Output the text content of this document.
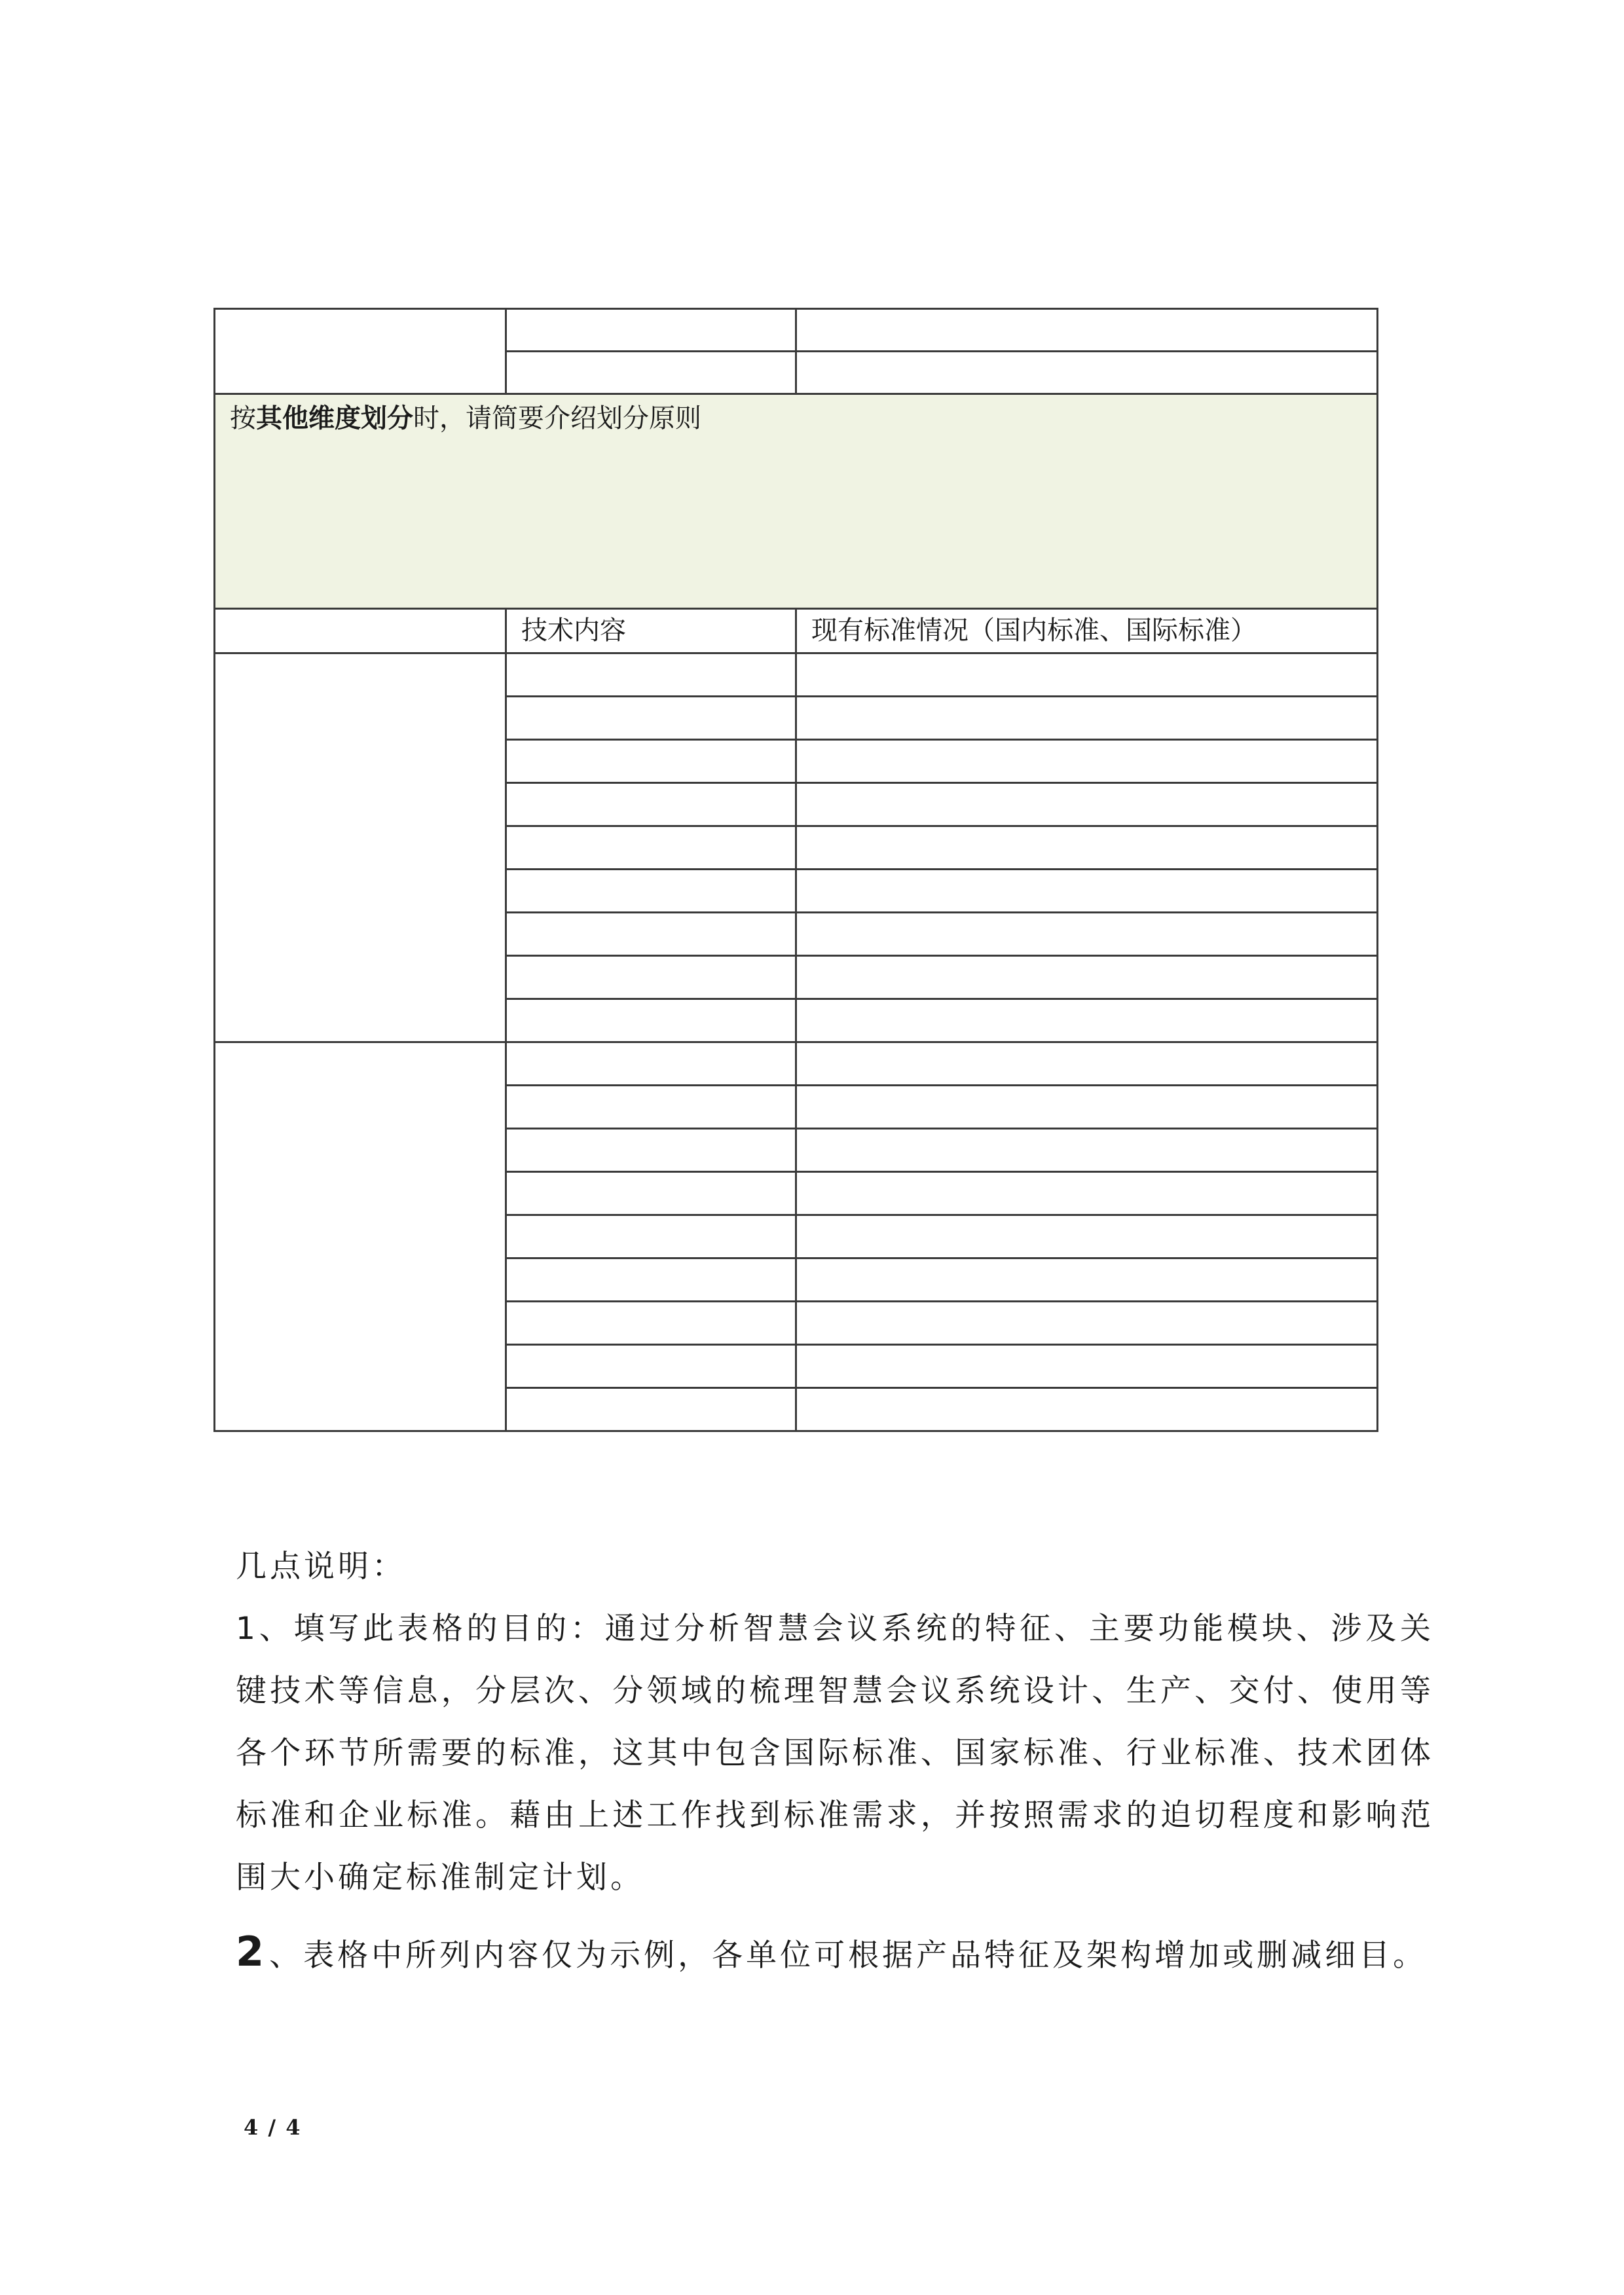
按其他维度划分时，请简要介绍划分原则		

	技术内容	现有标准情况（国内标准、国际标准）

几点说明：

1、填写此表格的目的：通过分析智慧会议系统的特征、主要功能模块、涉及关键技术等信息，分层次、分领域的梳理智慧会议系统设计、生产、交付、使用等各个环节所需要的标准，这其中包含国际标准、国家标准、行业标准、技术团体标准和企业标准。藉由上述工作找到标准需求，并按照需求的迫切程度和影响范围大小确定标准制定计划。

2 、表格中所列内容仅为示例，各单位可根据产品特征及架构增加或删减细目。

4 / 4
